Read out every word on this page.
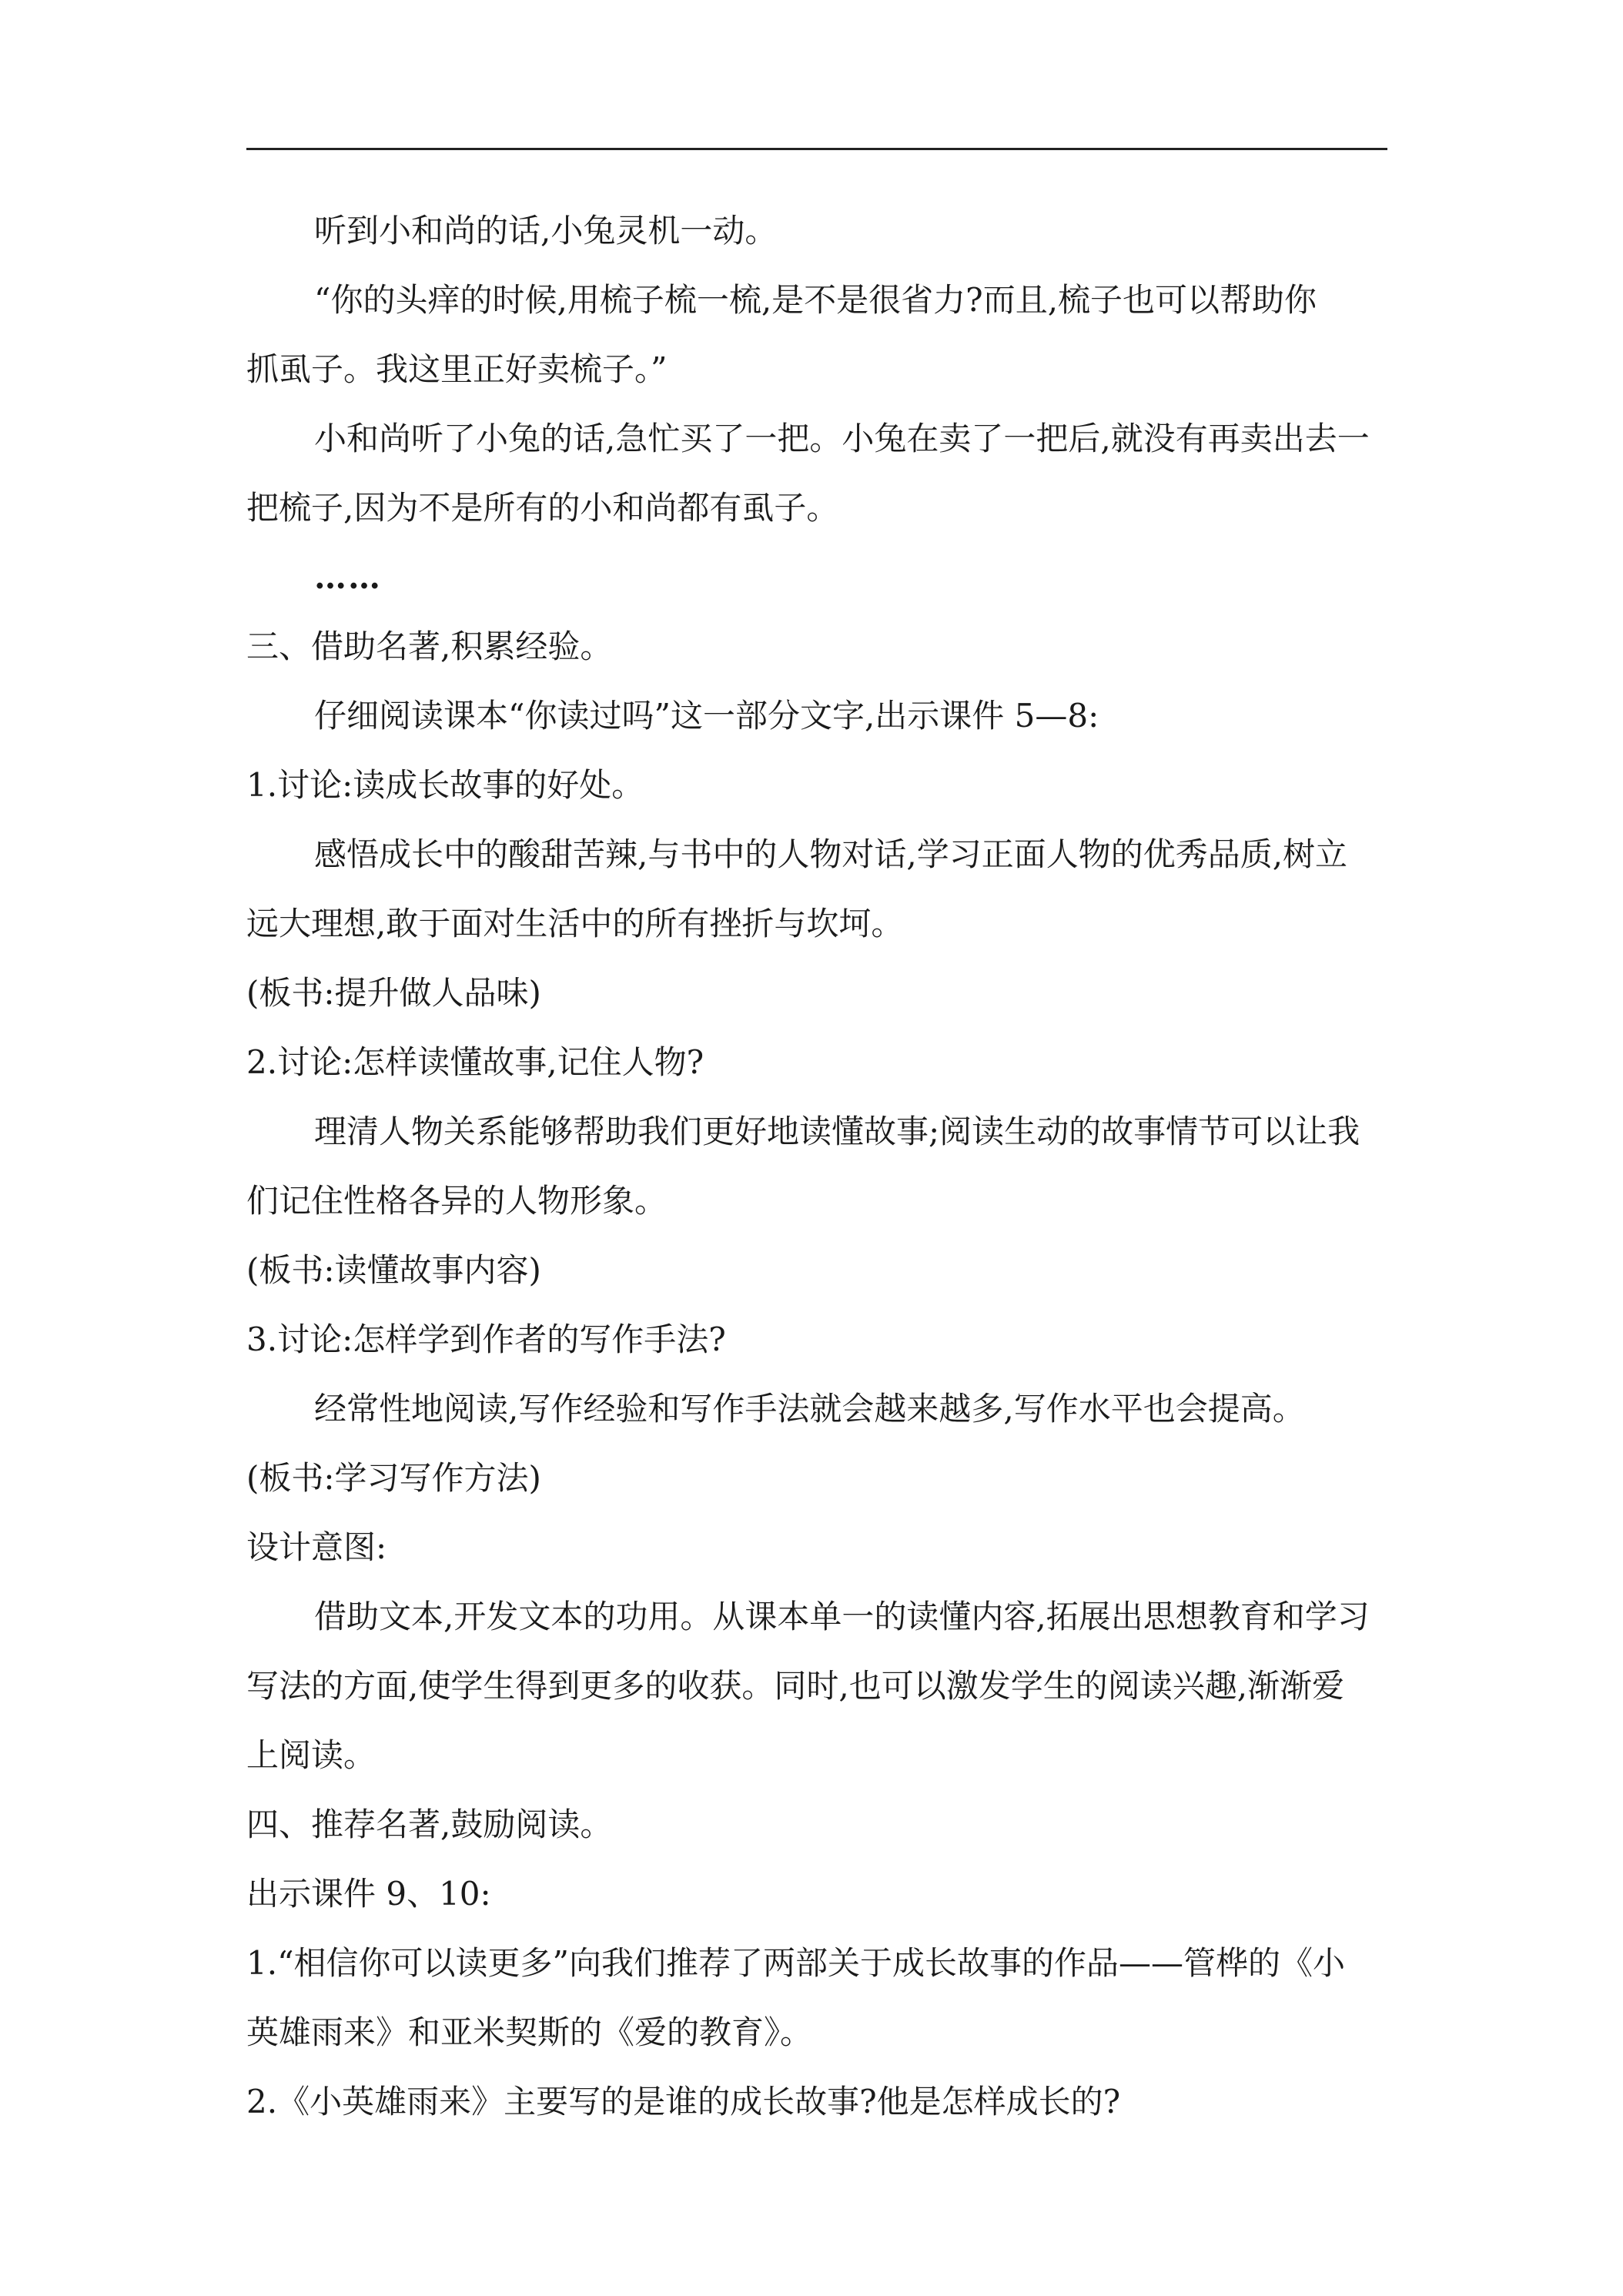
听到小和尚的话,小兔灵机一动。
“你的头痒的时候,用梳子梳一梳,是不是很省力?而且,梳子也可以帮助你
抓虱子。我这里正好卖梳子。”
小和尚听了小兔的话,急忙买了一把。小兔在卖了一把后,就没有再卖出去一
把梳子,因为不是所有的小和尚都有虱子。
……
三、借助名著,积累经验。
仔细阅读课本“你读过吗”这一部分文字,出示课件 5—8:
1.讨论:读成长故事的好处。
感悟成长中的酸甜苦辣,与书中的人物对话,学习正面人物的优秀品质,树立
远大理想,敢于面对生活中的所有挫折与坎坷。
(板书:提升做人品味)
2.讨论:怎样读懂故事,记住人物?
理清人物关系能够帮助我们更好地读懂故事;阅读生动的故事情节可以让我
们记住性格各异的人物形象。
(板书:读懂故事内容)
3.讨论:怎样学到作者的写作手法?
经常性地阅读,写作经验和写作手法就会越来越多,写作水平也会提高。
(板书:学习写作方法)
设计意图:
借助文本,开发文本的功用。从课本单一的读懂内容,拓展出思想教育和学习
写法的方面,使学生得到更多的收获。同时,也可以激发学生的阅读兴趣,渐渐爱
上阅读。
四、推荐名著,鼓励阅读。
出示课件 9、10:
1.“相信你可以读更多”向我们推荐了两部关于成长故事的作品——管桦的《小
英雄雨来》和亚米契斯的《爱的教育》。
2.《小英雄雨来》主要写的是谁的成长故事?他是怎样成长的?
